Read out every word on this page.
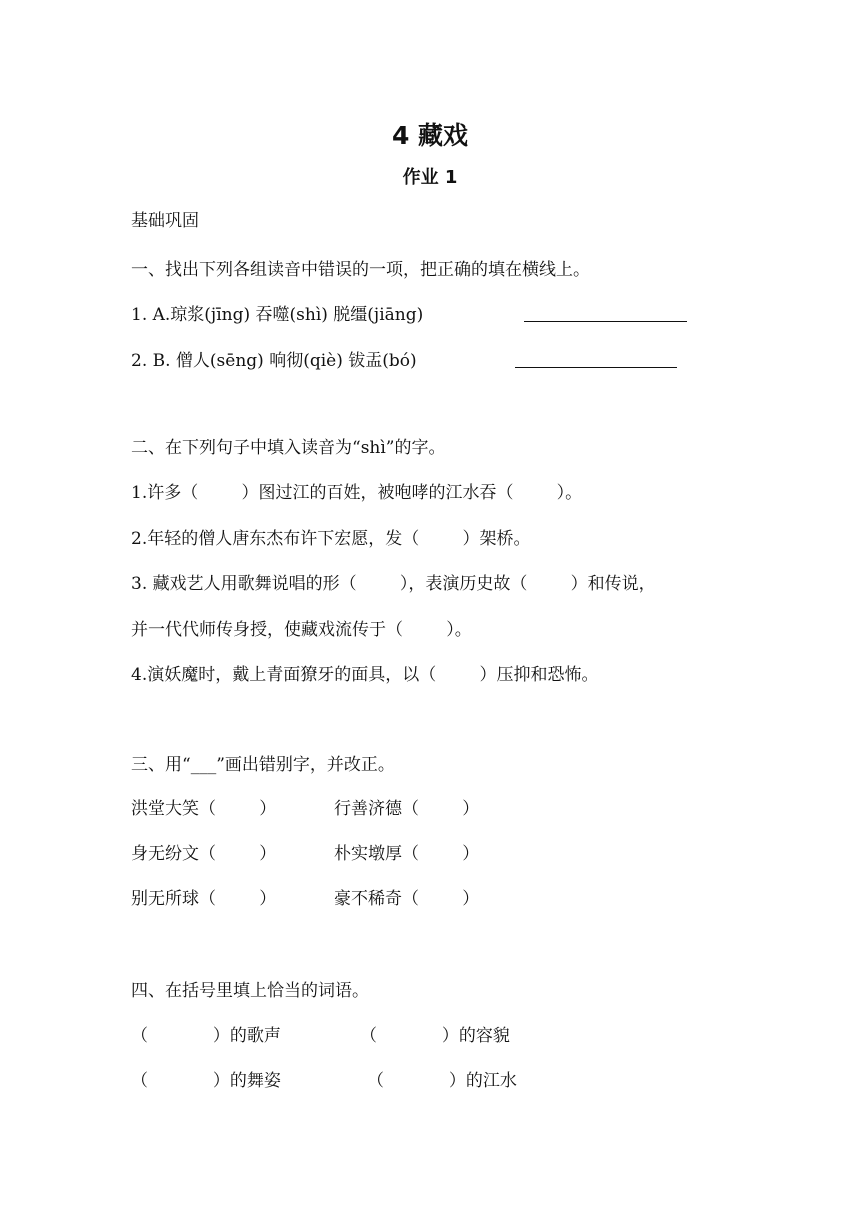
4 藏戏
作业 1
基础巩固
一、找出下列各组读音中错误的一项，把正确的填在横线上。
1. A.琼浆(jīng) 吞噬(shì) 脱缰(jiāng)
2. B. 僧人(sēng) 响彻(qiè) 钹盂(bó)
二、在下列句子中填入读音为“shì”的字。
1.许多（        ）图过江的百姓，被咆哮的江水吞（        ）。
2.年轻的僧人唐东杰布许下宏愿，发（        ）架桥。
3. 藏戏艺人用歌舞说唱的形（        ），表演历史故（        ）和传说，
并一代代师传身授，使藏戏流传于（        ）。
4.演妖魔时，戴上青面獠牙的面具，以（        ）压抑和恐怖。
三、用“___”画出错别字，并改正。
洪堂大笑 （        ）	行善济德 （        ）
身无纷文 （        ）	朴实墩厚 （        ）
别无所球 （        ）	豪不稀奇 （        ）
四、在括号里填上恰当的词语。
（            ）的歌声	（            ）的容貌
（            ）的舞姿	（            ）的江水
